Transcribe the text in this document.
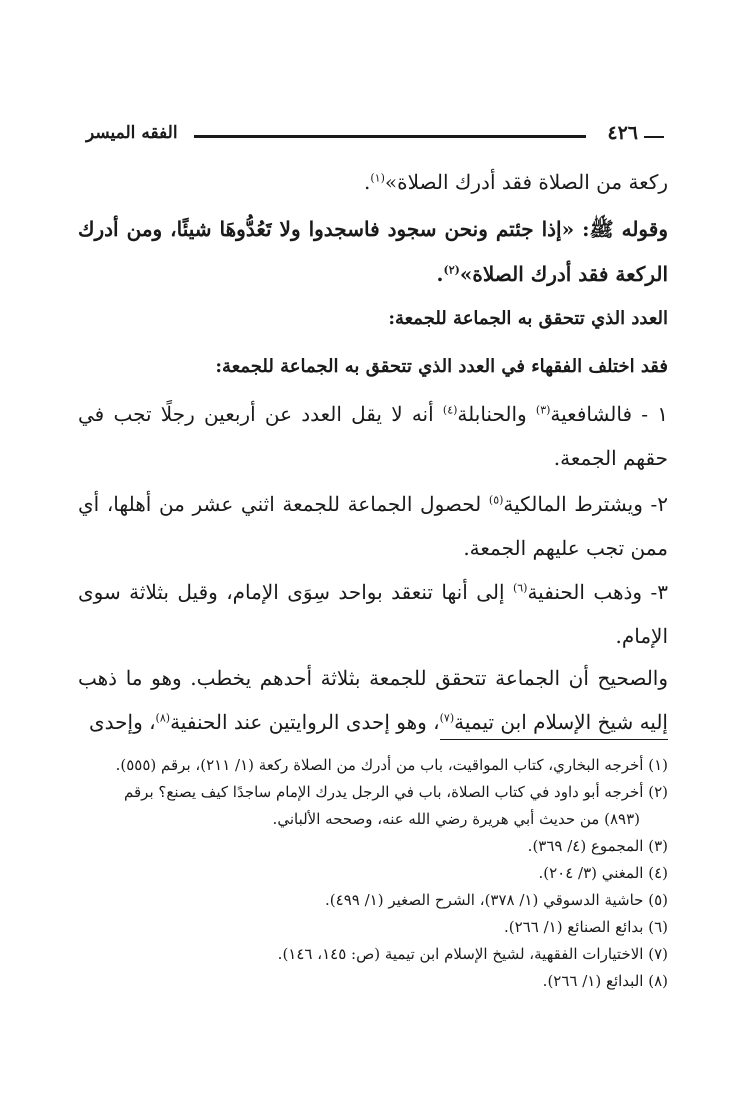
٤٢٦
الفقه الميسر

ركعة من الصلاة فقد أدرك الصلاة»$^{(١)}$.

وقوله ﷺ: «إذا جئتم ونحن سجود فاسجدوا ولا تَعُدُّوهَا شيئًا، ومن أدرك الركعة فقد أدرك الصلاة»$^{(٢)}$.

العدد الذي تتحقق به الجماعة للجمعة:

فقد اختلف الفقهاء في العدد الذي تتحقق به الجماعة للجمعة:

١ - فالشافعية$^{(٣)}$ والحنابلة$^{(٤)}$ أنه لا يقل العدد عن أربعين رجلًا تجب في حقهم الجمعة.

٢- ويشترط المالكية$^{(٥)}$ لحصول الجماعة للجمعة اثني عشر من أهلها، أي ممن تجب عليهم الجمعة.

٣- وذهب الحنفية$^{(٦)}$ إلى أنها تنعقد بواحد سِوَى الإمام، وقيل بثلاثة سوى الإمام.

والصحيح أن الجماعة تتحقق للجمعة بثلاثة أحدهم يخطب. وهو ما ذهب إليه شيخ الإسلام ابن تيمية$^{(٧)}$، وهو إحدى الروايتين عند الحنفية$^{(٨)}$، وإحدى

(١) أخرجه البخاري، كتاب المواقيت، باب من أدرك من الصلاة ركعة (١/ ٢١١)، برقم (٥٥٥).
(٢) أخرجه أبو داود في كتاب الصلاة، باب في الرجل يدرك الإمام ساجدًا كيف يصنع؟ برقم
(٨٩٣) من حديث أبي هريرة رضي الله عنه، وصححه الألباني.
(٣) المجموع (٤/ ٣٦٩).
(٤) المغني (٣/ ٢٠٤).
(٥) حاشية الدسوقي (١/ ٣٧٨)، الشرح الصغير (١/ ٤٩٩).
(٦) بدائع الصنائع (١/ ٢٦٦).
(٧) الاختيارات الفقهية، لشيخ الإسلام ابن تيمية (ص: ١٤٥، ١٤٦).
(٨) البدائع (١/ ٢٦٦).
